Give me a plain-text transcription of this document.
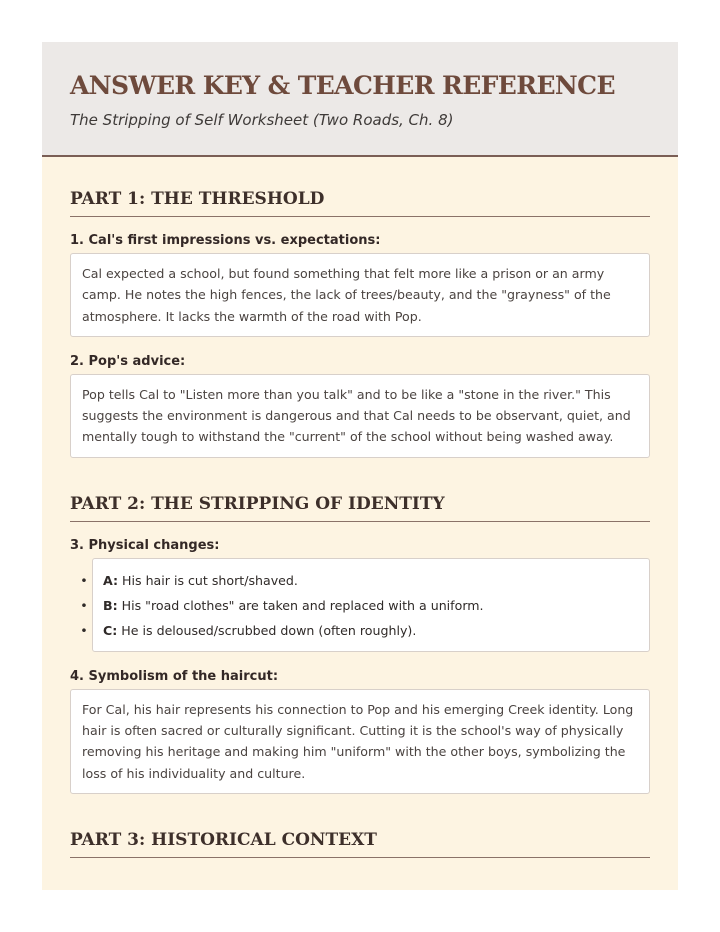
ANSWER KEY & TEACHER REFERENCE
The Stripping of Self Worksheet (Two Roads, Ch. 8)
PART 1: THE THRESHOLD
1. Cal's first impressions vs. expectations:
Cal expected a school, but found something that felt more like a prison or an army camp. He notes the high fences, the lack of trees/beauty, and the "grayness" of the atmosphere. It lacks the warmth of the road with Pop.
2. Pop's advice:
Pop tells Cal to "Listen more than you talk" and to be like a "stone in the river." This suggests the environment is dangerous and that Cal needs to be observant, quiet, and mentally tough to withstand the "current" of the school without being washed away.
PART 2: THE STRIPPING OF IDENTITY
3. Physical changes:
• A: His hair is cut short/shaved.
• B: His "road clothes" are taken and replaced with a uniform.
• C: He is deloused/scrubbed down (often roughly).
4. Symbolism of the haircut:
For Cal, his hair represents his connection to Pop and his emerging Creek identity. Long hair is often sacred or culturally significant. Cutting it is the school's way of physically removing his heritage and making him "uniform" with the other boys, symbolizing the loss of his individuality and culture.
PART 3: HISTORICAL CONTEXT
